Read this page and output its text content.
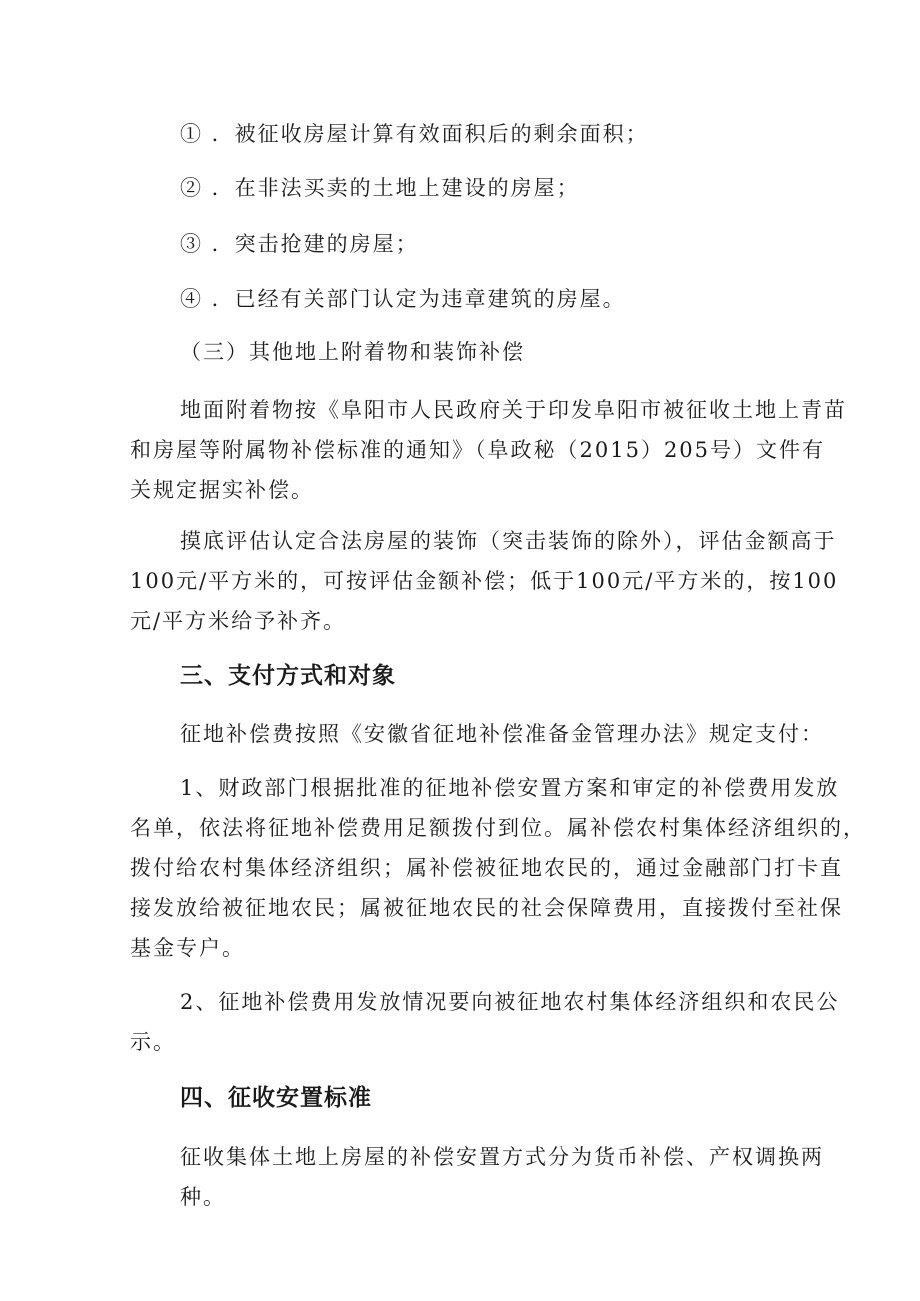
① ．被征收房屋计算有效面积后的剩余面积；

② ．在非法买卖的土地上建设的房屋；

③ ．突击抢建的房屋；

④ ．已经有关部门认定为违章建筑的房屋。

（三）其他地上附着物和装饰补偿

地面附着物按《阜阳市人民政府关于印发阜阳市被征收土地上青苗
和房屋等附属物补偿标准的通知》（阜政秘（2015）205号）文件有
关规定据实补偿。
摸底评估认定合法房屋的装饰（突击装饰的除外），评估金额高于
100元/平方米的，可按评估金额补偿；低于100元/平方米的，按100
元/平方米给予补齐。
三、支付方式和对象

征地补偿费按照《安徽省征地补偿准备金管理办法》规定支付：

1、财政部门根据批准的征地补偿安置方案和审定的补偿费用发放
名单，依法将征地补偿费用足额拨付到位。属补偿农村集体经济组织的，
拨付给农村集体经济组织；属补偿被征地农民的，通过金融部门打卡直
接发放给被征地农民；属被征地农民的社会保障费用，直接拨付至社保
基金专户。
2、征地补偿费用发放情况要向被征地农村集体经济组织和农民公
示。
四、征收安置标准

征收集体土地上房屋的补偿安置方式分为货币补偿、产权调换两种。
